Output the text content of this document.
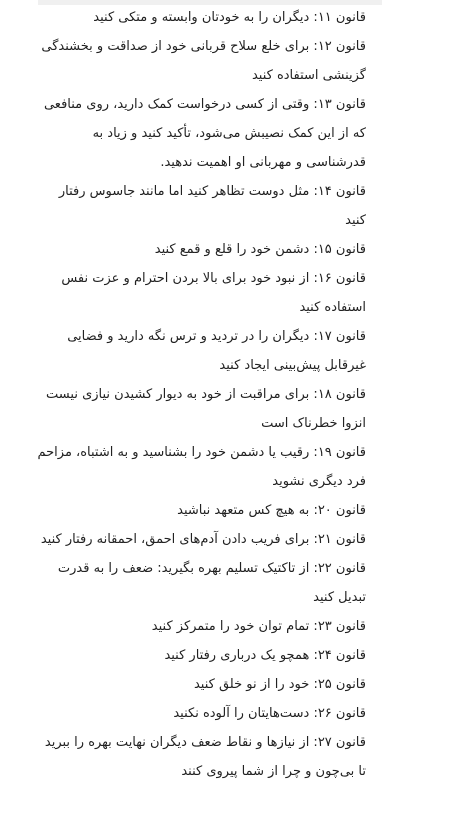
قانون ۱۱: دیگران را به خودتان وابسته و متکی کنید

قانون ۱۲: برای خلع سلاح قربانی خود از صداقت و بخشندگی گزینشی استفاده کنید

قانون ۱۳: وقتی از کسی درخواست کمک دارید، روی منافعی که از این کمک نصیبش می‌شود، تأکید کنید و زیاد به قدرشناسی و مهربانی او اهمیت ندهید.

قانون ۱۴: مثل دوست تظاهر کنید اما مانند جاسوس رفتار کنید

قانون ۱۵: دشمن خود را قلع و قمع کنید

قانون ۱۶: از نبود خود برای بالا بردن احترام و عزت نفس استفاده کنید

قانون ۱۷: دیگران را در تردید و ترس نگه دارید و فضایی غیرقابل پیش‌بینی ایجاد کنید

قانون ۱۸: برای مراقبت از خود به دیوار کشیدن نیازی نیست انزوا خطرناک است

قانون ۱۹: رقیب یا دشمن خود را بشناسید و به اشتباه، مزاحم فرد دیگری نشوید

قانون ۲۰: به هیچ کس متعهد نباشید

قانون ۲۱: برای فریب دادن آدم‌های احمق، احمقانه رفتار کنید

قانون ۲۲: از تاکتیک تسلیم بهره بگیرید: ضعف را به قدرت تبدیل کنید

قانون ۲۳: تمام توان خود را متمرکز کنید

قانون ۲۴: همچو یک درباری رفتار کنید

قانون ۲۵: خود را از نو خلق کنید

قانون ۲۶: دست‌هایتان را آلوده نکنید

قانون ۲۷: از نیازها و نقاط ضعف دیگران نهایت بهره را ببرید تا بی‌چون و چرا از شما پیروی کنند
